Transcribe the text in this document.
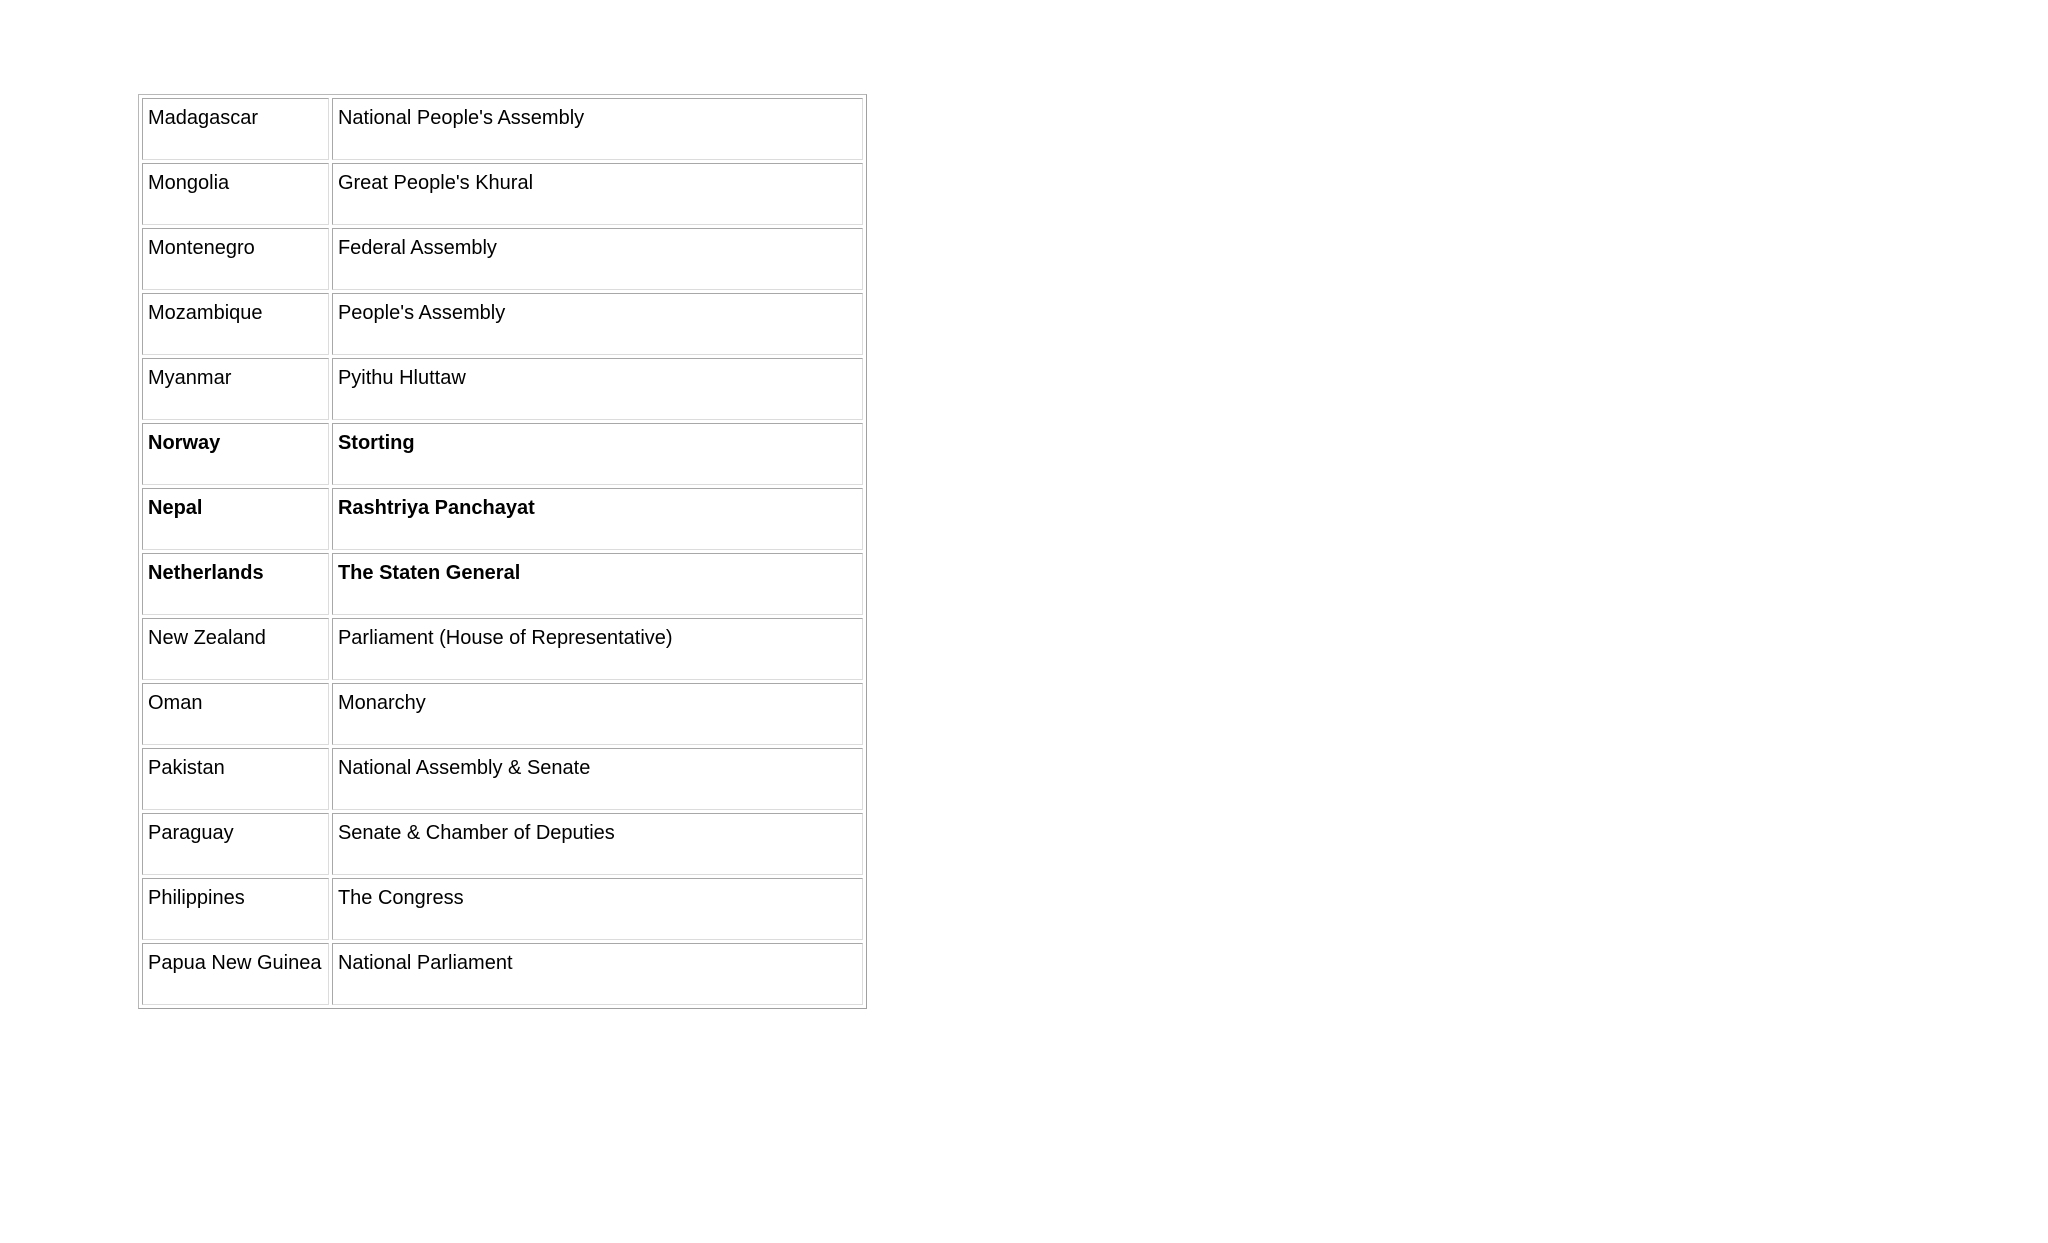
Madagascar	National People's Assembly
Mongolia	Great People's Khural
Montenegro	Federal Assembly
Mozambique	People's Assembly
Myanmar	Pyithu Hluttaw
Norway	Storting
Nepal	Rashtriya Panchayat
Netherlands	The Staten General
New Zealand	Parliament (House of Representative)
Oman	Monarchy
Pakistan	National Assembly & Senate
Paraguay	Senate & Chamber of Deputies
Philippines	The Congress
Papua New Guinea	National Parliament
